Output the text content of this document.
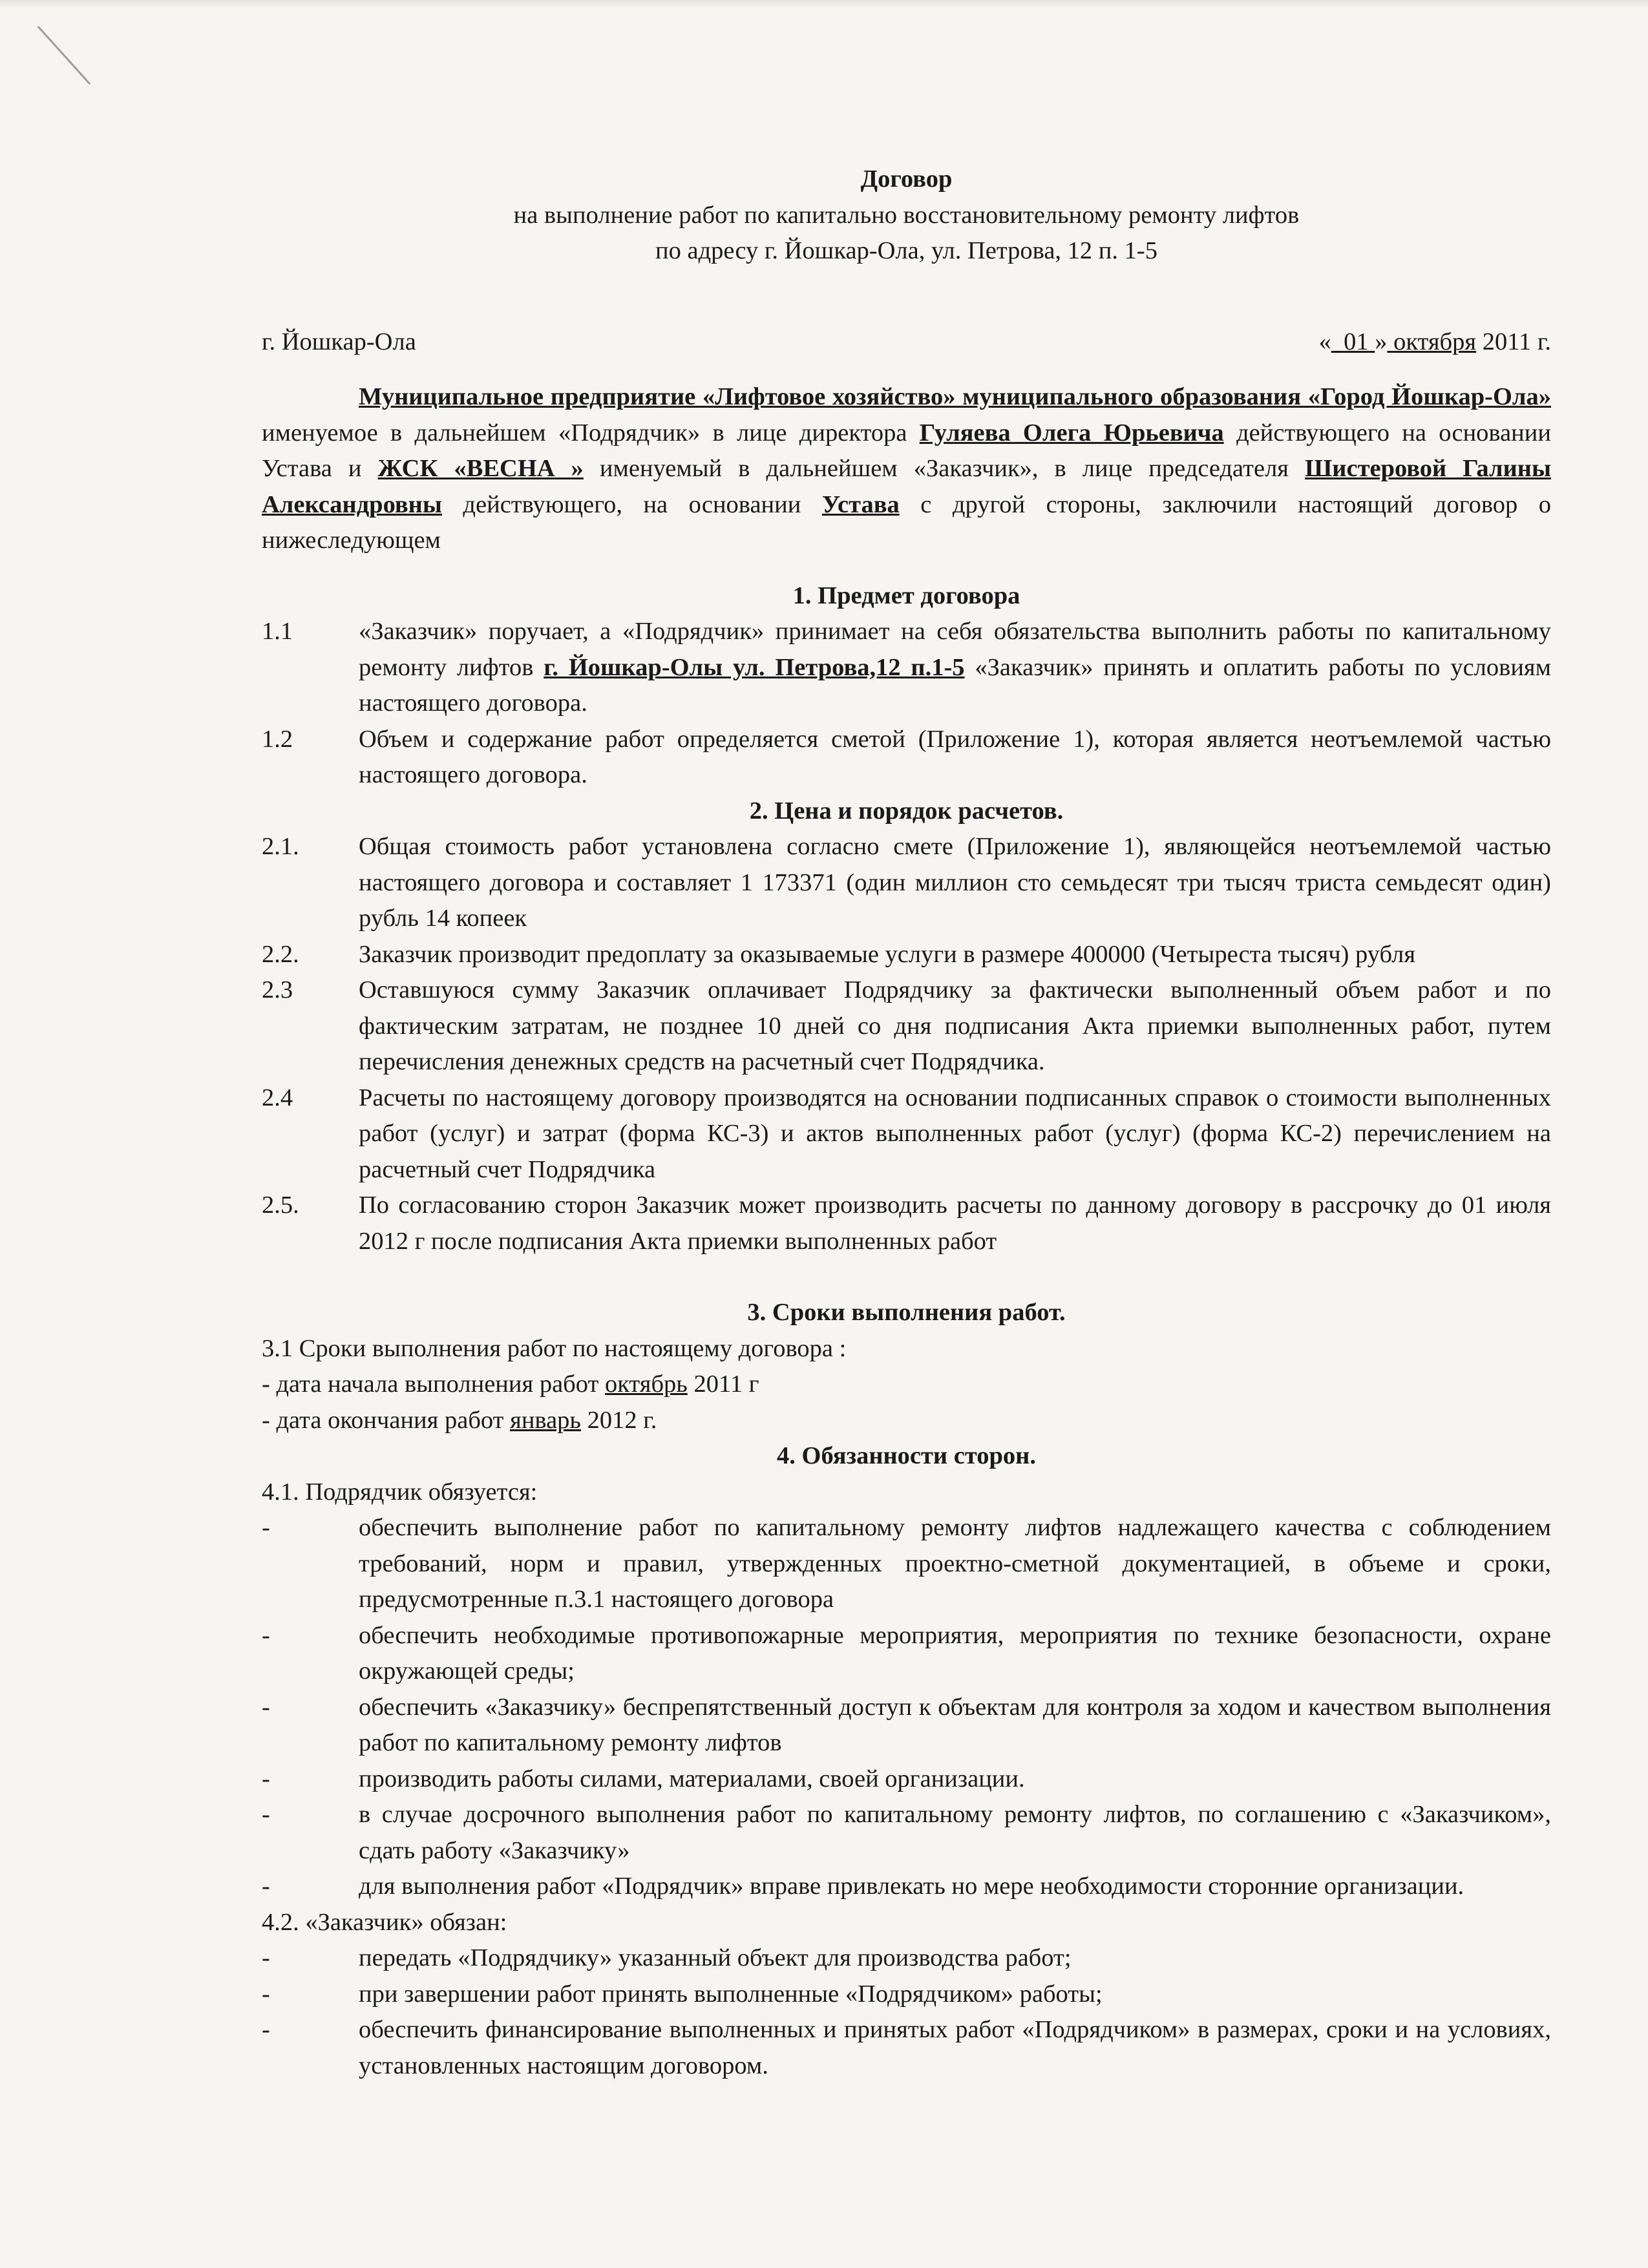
Договор

на выполнение работ по капитально восстановительному ремонту лифтов

по адресу г. Йошкар-Ола, ул. Петрова, 12 п. 1-5

г. Йошкар-Ола	« 01 » октября 2011 г.

Муниципальное предприятие «Лифтовое хозяйство» муниципального образования «Город Йошкар-Ола» именуемое в дальнейшем «Подрядчик» в лице директора Гуляева Олега Юрьевича действующего на основании Устава и ЖСК «ВЕСНА » именуемый в дальнейшем «Заказчик», в лице председателя Шистеровой Галины Александровны действующего, на основании Устава с другой стороны, заключили настоящий договор о нижеследующем

1. Предмет договора

1.1	«Заказчик» поручает, а «Подрядчик» принимает на себя обязательства выполнить работы по капитальному ремонту лифтов г. Йошкар-Олы ул. Петрова,12 п.1-5 «Заказчик» принять и оплатить работы по условиям настоящего договора.
1.2	Объем и содержание работ определяется сметой (Приложение 1), которая является неотъемлемой частью настоящего договора.

2. Цена и порядок расчетов.

2.1.	Общая стоимость работ установлена согласно смете (Приложение 1), являющейся неотъемлемой частью настоящего договора и составляет 1 173371 (один миллион сто семьдесят три тысяч триста семьдесят один) рубль 14 копеек
2.2.	Заказчик производит предоплату за оказываемые услуги в размере 400000 (Четыреста тысяч) рубля
2.3	Оставшуюся сумму Заказчик оплачивает Подрядчику за фактически выполненный объем работ и по фактическим затратам, не позднее 10 дней со дня подписания Акта приемки выполненных работ, путем перечисления денежных средств на расчетный счет Подрядчика.
2.4	Расчеты по настоящему договору производятся на основании подписанных справок о стоимости выполненных работ (услуг) и затрат (форма КС-3) и актов выполненных работ (услуг) (форма КС-2) перечислением на расчетный счет Подрядчика
2.5.	По согласованию сторон Заказчик может производить расчеты по данному договору в рассрочку до 01 июля 2012 г после подписания Акта приемки выполненных работ

3. Сроки выполнения работ.

3.1 Сроки выполнения работ по настоящему договора :

- дата начала выполнения работ октябрь 2011 г

- дата окончания работ январь 2012 г.

4. Обязанности сторон.

4.1. Подрядчик обязуется:

-	обеспечить выполнение работ по капитальному ремонту лифтов надлежащего качества с соблюдением требований, норм и правил, утвержденных проектно-сметной документацией, в объеме и сроки, предусмотренные п.3.1 настоящего договора
-	обеспечить необходимые противопожарные мероприятия, мероприятия по технике безопасности, охране окружающей среды;
-	обеспечить «Заказчику» беспрепятственный доступ к объектам для контроля за ходом и качеством выполнения работ по капитальному ремонту лифтов
-	производить работы силами, материалами, своей организации.
-	в случае досрочного выполнения работ по капитальному ремонту лифтов, по соглашению с «Заказчиком», сдать работу «Заказчику»
-	для выполнения работ «Подрядчик» вправе привлекать но мере необходимости сторонние организации.

4.2. «Заказчик» обязан:

-	передать «Подрядчику» указанный объект для производства работ;
-	при завершении работ принять выполненные «Подрядчиком» работы;
-	обеспечить финансирование выполненных и принятых работ «Подрядчиком» в размерах, сроки и на условиях, установленных настоящим договором.
